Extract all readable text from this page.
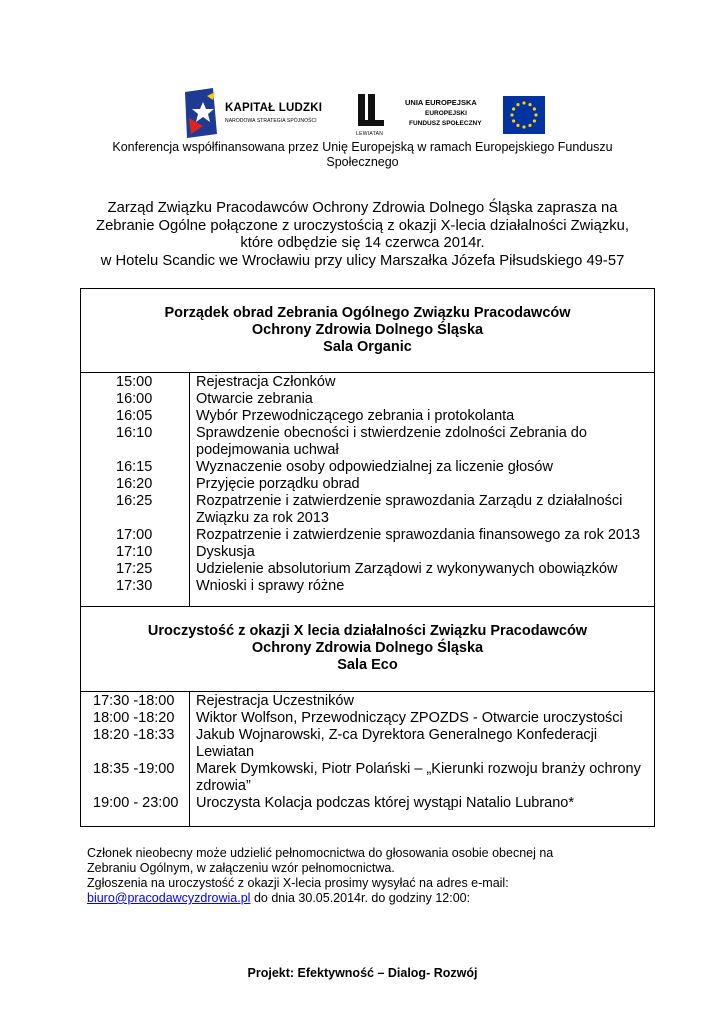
KAPITAŁ LUDZKI
NARODOWA STRATEGIA SPÓJNOŚCI
LEWIATAN
UNIA EUROPEJSKA
EUROPEJSKI
FUNDUSZ SPOŁECZNY
Konferencja współfinansowana przez Unię Europejską w ramach Europejskiego Funduszu
Społecznego
Zarząd Związku Pracodawców Ochrony Zdrowia Dolnego Śląska zaprasza na
Zebranie Ogólne połączone z uroczystością z okazji X-lecia działalności Związku,
które odbędzie się 14 czerwca 2014r.
w Hotelu Scandic we Wrocławiu przy ulicy Marszałka Józefa Piłsudskiego 49-57
Porządek obrad Zebrania Ogólnego Związku Pracodawców
Ochrony Zdrowia Dolnego Śląska
Sala Organic
15:00	Rejestracja Członków
16:00	Otwarcie zebrania
16:05	Wybór Przewodniczącego zebrania i protokolanta
16:10	Sprawdzenie obecności i stwierdzenie zdolności Zebrania do
podejmowania uchwał
16:15	Wyznaczenie osoby odpowiedzialnej za liczenie głosów
16:20	Przyjęcie porządku obrad
16:25	Rozpatrzenie i zatwierdzenie sprawozdania Zarządu z działalności
Związku za rok 2013
17:00	Rozpatrzenie i zatwierdzenie sprawozdania finansowego za rok 2013
17:10	Dyskusja
17:25	Udzielenie absolutorium Zarządowi z wykonywanych obowiązków
17:30	Wnioski i sprawy różne
Uroczystość z okazji X lecia działalności Związku Pracodawców
Ochrony Zdrowia Dolnego Śląska
Sala Eco
17:30 -18:00 Rejestracja Uczestników
18:00 -18:20 Wiktor Wolfson, Przewodniczący ZPOZDS - Otwarcie uroczystości
18:20 -18:33 Jakub Wojnarowski, Z-ca Dyrektora Generalnego Konfederacji
Lewiatan
18:35 -19:00 Marek Dymkowski, Piotr Polański – „Kierunki rozwoju branży ochrony
zdrowia”
19:00 - 23:00 Uroczysta Kolacja podczas której wystąpi Natalio Lubrano*
Członek nieobecny może udzielić pełnomocnictwa do głosowania osobie obecnej na
Zebraniu Ogólnym, w załączeniu wzór pełnomocnictwa.
Zgłoszenia na uroczystość z okazji X-lecia prosimy wysyłać na adres e-mail:
biuro@pracodawcyzdrowia.pl do dnia 30.05.2014r. do godziny 12:00:
Projekt: Efektywność – Dialog- Rozwój
